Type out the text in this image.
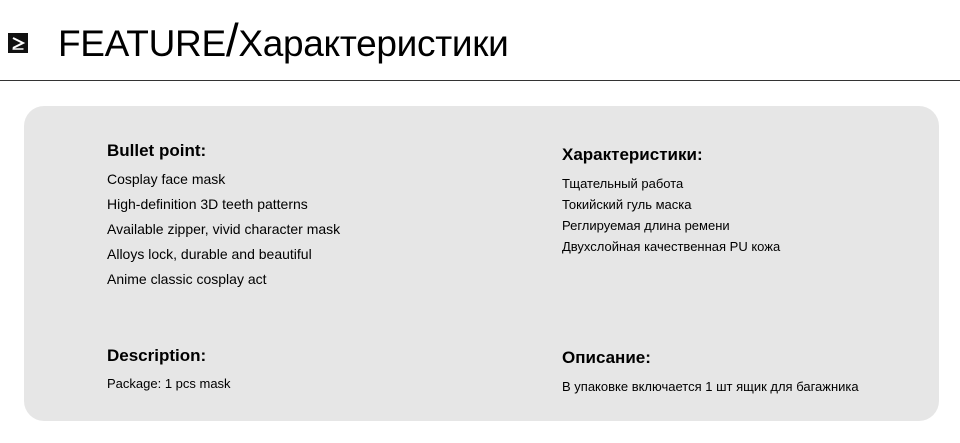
FEATURE/Характеристики
Bullet point:
Cosplay face mask
High-definition 3D teeth patterns
Available zipper, vivid character mask
Alloys lock, durable and beautiful
Anime classic cosplay act
Характеристики:
Тщательный работа
Токийский гуль маска
Реглируемая длина ремени
Двухслойная качественная PU кожа
Description:
Package: 1 pcs mask
Описание:
В упаковке включается 1 шт ящик для багажника
